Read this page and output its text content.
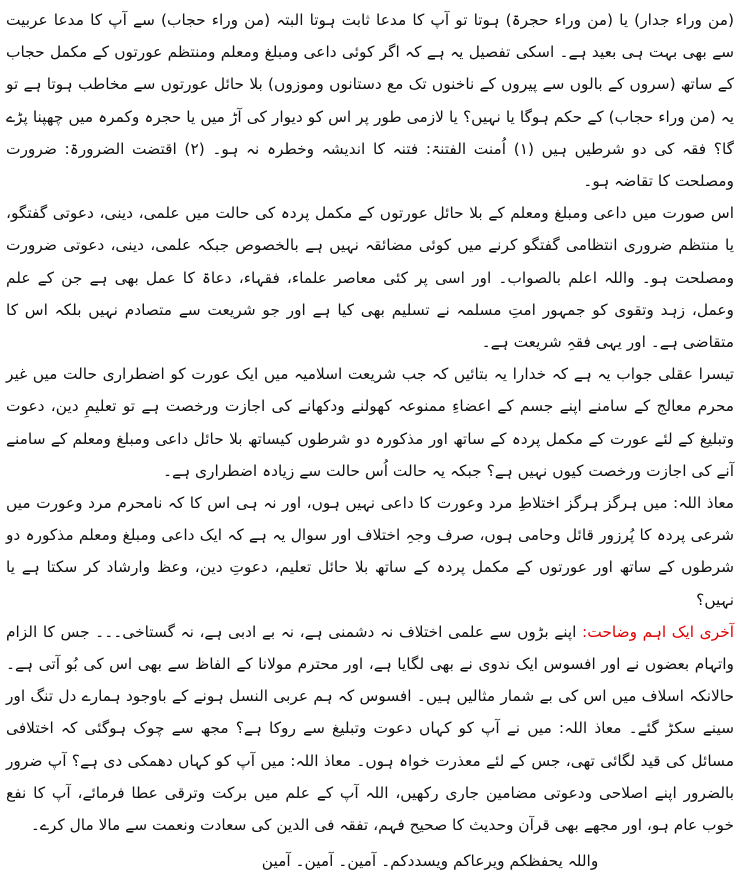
(من وراء جدار) یا (من وراء حجرۃ) ہوتا تو آپ کا مدعا ثابت ہوتا البتہ (من وراء حجاب) سے آپ کا مدعا عربیت سے بھی بہت ہی بعید ہے۔ اسکی تفصیل یہ ہے کہ اگر کوئی داعی ومبلغ ومعلم ومنتظم عورتوں کے مکمل حجاب کے ساتھ (سروں کے بالوں سے پیروں کے ناخنوں تک مع دستانوں وموزوں) بلا حائل عورتوں سے مخاطب ہوتا ہے تو یہ (من وراء حجاب) کے حکم ہوگا یا نہیں؟ یا لازمی طور پر اس کو دیوار کی آڑ میں یا حجرہ وکمرہ میں چھپنا پڑے گا؟ فقہ کی دو شرطیں ہیں (۱) اُمنت الفتنۃ: فتنہ کا اندیشہ وخطرہ نہ ہو۔ (۲) اقتضت الضرورۃ: ضرورت ومصلحت کا تقاضہ ہو۔

اس صورت میں داعی ومبلغ ومعلم کے بلا حائل عورتوں کے مکمل پردہ کی حالت میں علمی، دینی، دعوتی گفتگو، یا منتظم ضروری انتظامی گفتگو کرنے میں کوئی مضائقہ نہیں ہے بالخصوص جبکہ علمی، دینی، دعوتی ضرورت ومصلحت ہو۔ واللہ اعلم بالصواب۔ اور اسی پر کئی معاصر علماء، فقہاء، دعاۃ کا عمل بھی ہے جن کے علم وعمل، زہد وتقوی کو جمہور امتِ مسلمہ نے تسلیم بھی کیا ہے اور جو شریعت سے متصادم نہیں بلکہ اس کا متقاضی ہے۔ اور یہی فقہِ شریعت ہے۔

تیسرا عقلی جواب یہ ہے کہ خدارا یہ بتائیں کہ جب شریعت اسلامیہ میں ایک عورت کو اضطراری حالت میں غیر محرم معالج کے سامنے اپنے جسم کے اعضاءِ ممنوعہ کھولنے ودکھانے کی اجازت ورخصت ہے تو تعلیمِ دین، دعوت وتبلیغ کے لئے عورت کے مکمل پردہ کے ساتھ اور مذکورہ دو شرطوں کیساتھ بلا حائل داعی ومبلغ ومعلم کے سامنے آنے کی اجازت ورخصت کیوں نہیں ہے؟ جبکہ یہ حالت اُس حالت سے زیادہ اضطراری ہے۔

معاذ اللہ: میں ہرگز ہرگز اختلاطِ مرد وعورت کا داعی نہیں ہوں، اور نہ ہی اس کا کہ نامحرم مرد وعورت میں شرعی پردہ کا پُرزور قائل وحامی ہوں، صرف وجہِ اختلاف اور سوال یہ ہے کہ ایک داعی ومبلغ ومعلم مذکورہ دو شرطوں کے ساتھ اور عورتوں کے مکمل پردہ کے ساتھ بلا حائل تعلیم، دعوتِ دین، وعظ وارشاد کر سکتا ہے یا نہیں؟

آخری ایک اہم وضاحت: اپنے بڑوں سے علمی اختلاف نہ دشمنی ہے، نہ بے ادبی ہے، نہ گستاخی۔۔۔ جس کا الزام واتہام بعضوں نے اور افسوس ایک ندوی نے بھی لگایا ہے، اور محترم مولانا کے الفاظ سے بھی اس کی بُو آتی ہے۔ حالانکہ اسلاف میں اس کی بے شمار مثالیں ہیں۔ افسوس کہ ہم عربی النسل ہونے کے باوجود ہمارے دل تنگ اور سینے سکڑ گئے۔ معاذ اللہ: میں نے آپ کو کہاں دعوت وتبلیغ سے روکا ہے؟ مجھ سے چوک ہوگئی کہ اختلافی مسائل کی قید لگائی تھی، جس کے لئے معذرت خواہ ہوں۔ معاذ اللہ: میں آپ کو کہاں دھمکی دی ہے؟ آپ ضرور بالضرور اپنے اصلاحی ودعوتی مضامین جاری رکھیں، اللہ آپ کے علم میں برکت وترقی عطا فرمائے، آپ کا نفع خوب عام ہو، اور مجھے بھی قرآن وحدیث کا صحیح فہم، تفقہ فی الدین کی سعادت ونعمت سے مالا مال کرے۔

واللہ یحفظکم ویرعاکم ویسددکم۔ آمین۔ آمین۔ آمین
